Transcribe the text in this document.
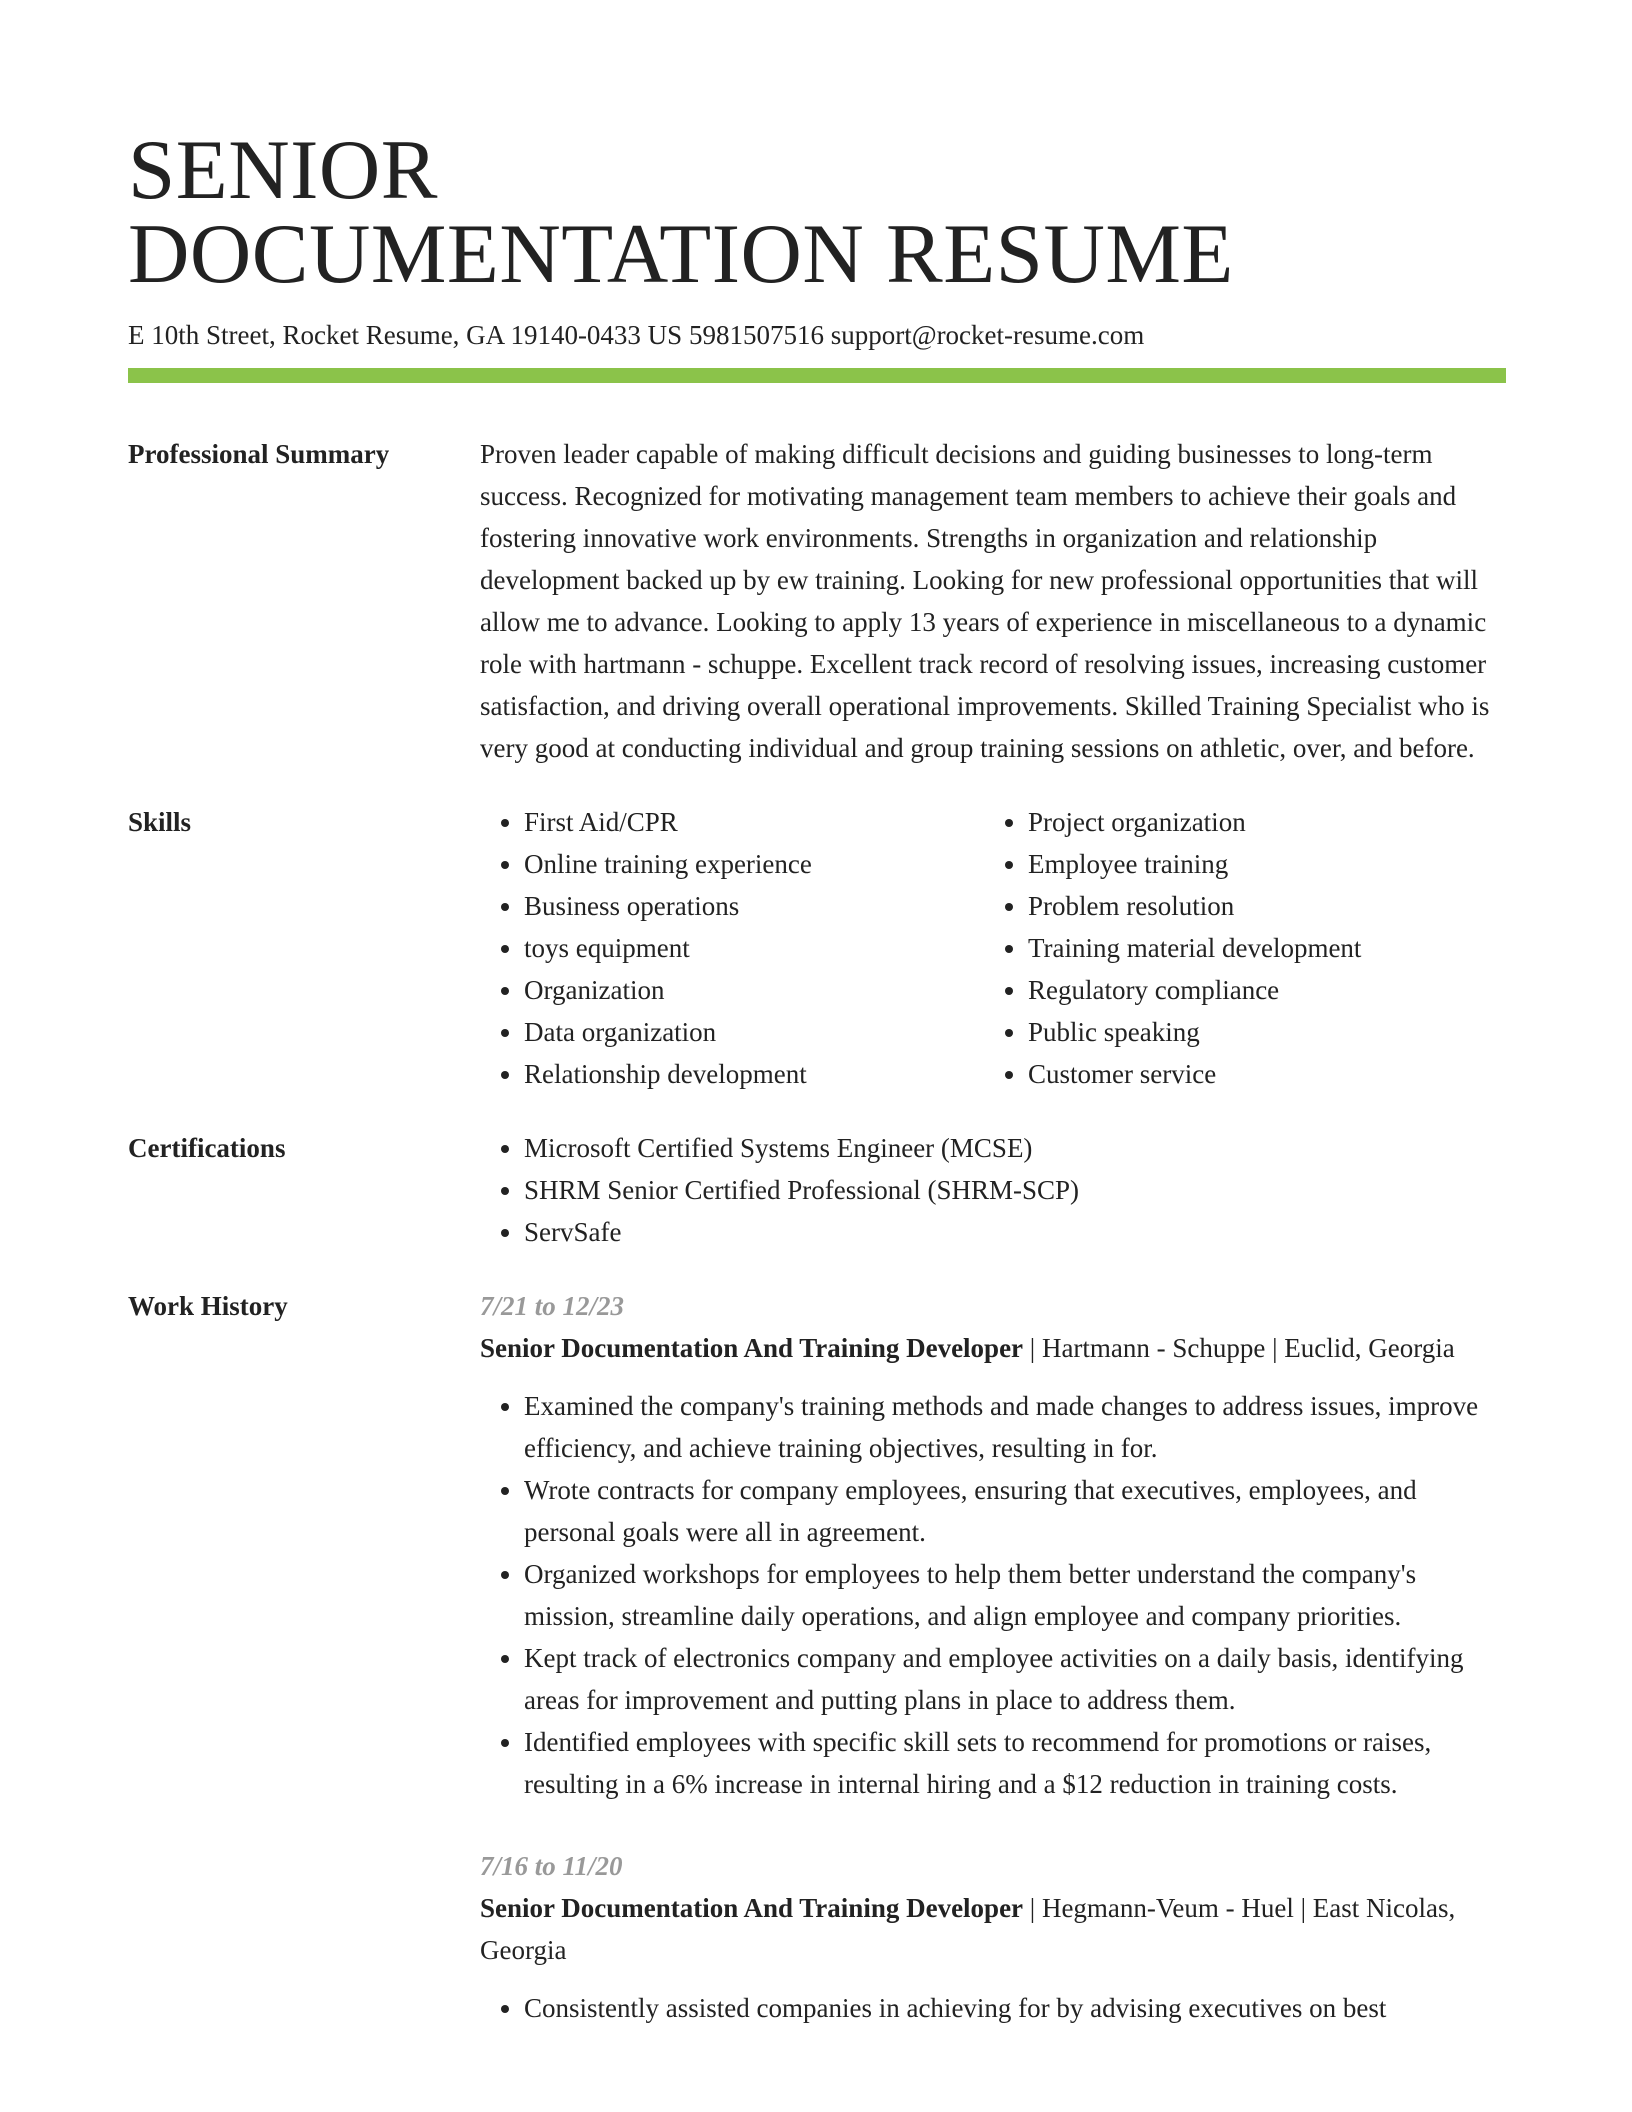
SENIOR
DOCUMENTATION RESUME
E 10th Street, Rocket Resume, GA 19140-0433 US 5981507516 support@rocket-resume.com
Professional Summary	Proven leader capable of making difficult decisions and guiding businesses to long-term success. Recognized for motivating management team members to achieve their goals and fostering innovative work environments. Strengths in organization and relationship development backed up by ew training. Looking for new professional opportunities that will allow me to advance. Looking to apply 13 years of experience in miscellaneous to a dynamic role with hartmann - schuppe. Excellent track record of resolving issues, increasing customer satisfaction, and driving overall operational improvements. Skilled Training Specialist who is very good at conducting individual and group training sessions on athletic, over, and before.
Skills	• First Aid/CPR
• Online training experience
• Business operations
• toys equipment
• Organization
• Data organization
• Relationship development
• Project organization
• Employee training
• Problem resolution
• Training material development
• Regulatory compliance
• Public speaking
• Customer service
Certifications	• Microsoft Certified Systems Engineer (MCSE)
• SHRM Senior Certified Professional (SHRM-SCP)
• ServSafe
Work History	7/21 to 12/23
Senior Documentation And Training Developer | Hartmann - Schuppe | Euclid, Georgia
• Examined the company's training methods and made changes to address issues, improve efficiency, and achieve training objectives, resulting in for.
• Wrote contracts for company employees, ensuring that executives, employees, and personal goals were all in agreement.
• Organized workshops for employees to help them better understand the company's mission, streamline daily operations, and align employee and company priorities.
• Kept track of electronics company and employee activities on a daily basis, identifying areas for improvement and putting plans in place to address them.
• Identified employees with specific skill sets to recommend for promotions or raises, resulting in a 6% increase in internal hiring and a $12 reduction in training costs.
7/16 to 11/20
Senior Documentation And Training Developer | Hegmann-Veum - Huel | East Nicolas, Georgia
• Consistently assisted companies in achieving for by advising executives on best
